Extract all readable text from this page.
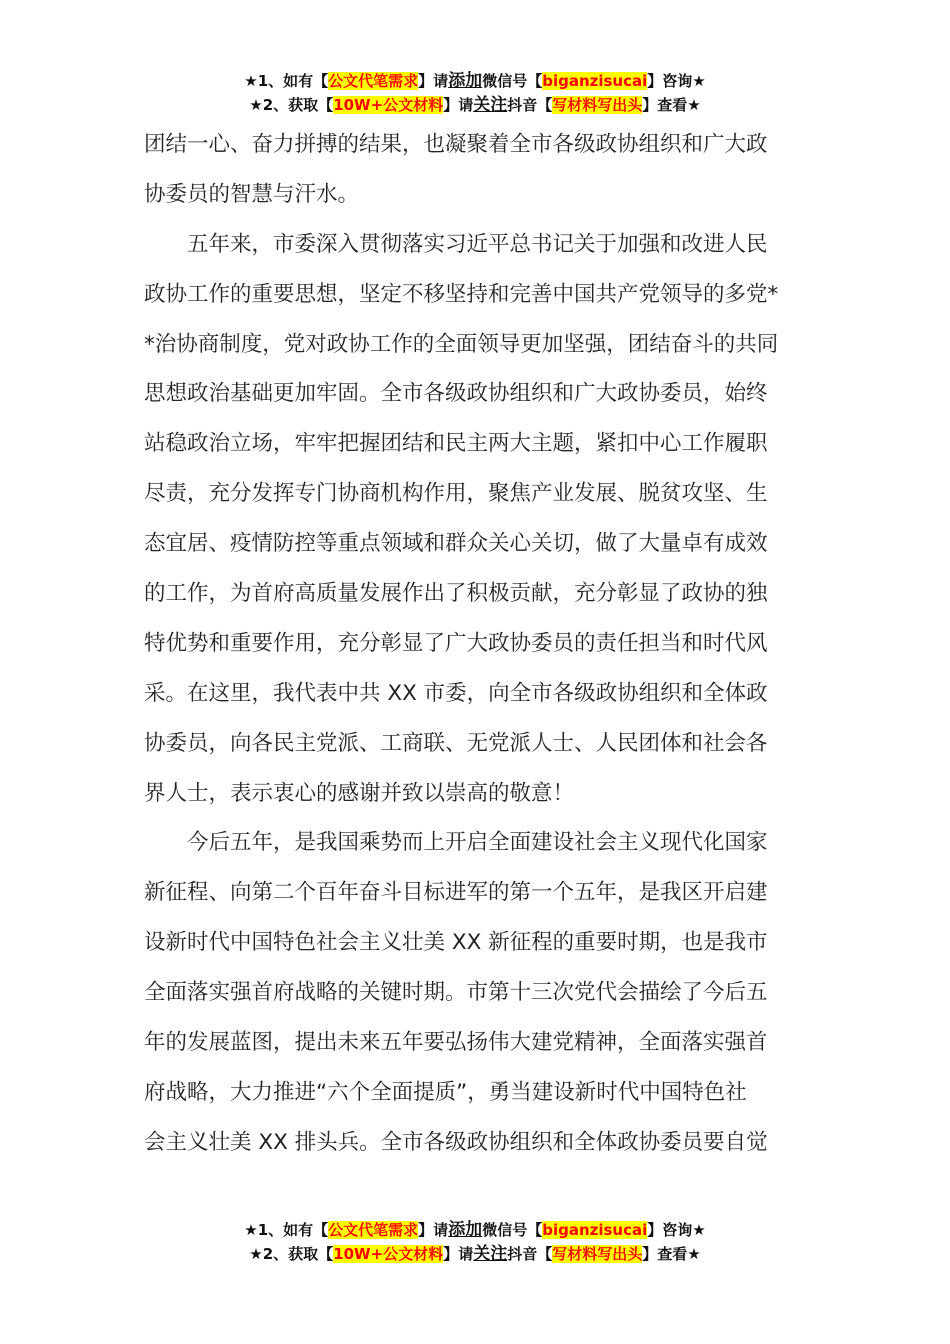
★1、如有【公文代笔需求】请添加微信号【biganzisucai】咨询★
★2、获取【10W+公文材料】请关注抖音【写材料写出头】查看★
团结一心、奋力拼搏的结果，也凝聚着全市各级政协组织和广大政
协委员的智慧与汗水。
　　五年来，市委深入贯彻落实习近平总书记关于加强和改进人民
政协工作的重要思想，坚定不移坚持和完善中国共产党领导的多党*
*治协商制度，党对政协工作的全面领导更加坚强，团结奋斗的共同
思想政治基础更加牢固。全市各级政协组织和广大政协委员，始终
站稳政治立场，牢牢把握团结和民主两大主题，紧扣中心工作履职
尽责，充分发挥专门协商机构作用，聚焦产业发展、脱贫攻坚、生
态宜居、疫情防控等重点领域和群众关心关切，做了大量卓有成效
的工作，为首府高质量发展作出了积极贡献，充分彰显了政协的独
特优势和重要作用，充分彰显了广大政协委员的责任担当和时代风
采。在这里，我代表中共 XX 市委，向全市各级政协组织和全体政
协委员，向各民主党派、工商联、无党派人士、人民团体和社会各
界人士，表示衷心的感谢并致以崇高的敬意！
　　今后五年，是我国乘势而上开启全面建设社会主义现代化国家
新征程、向第二个百年奋斗目标进军的第一个五年，是我区开启建
设新时代中国特色社会主义壮美 XX 新征程的重要时期，也是我市
全面落实强首府战略的关键时期。市第十三次党代会描绘了今后五
年的发展蓝图，提出未来五年要弘扬伟大建党精神，全面落实强首
府战略，大力推进“六个全面提质”，勇当建设新时代中国特色社
会主义壮美 XX 排头兵。全市各级政协组织和全体政协委员要自觉
★1、如有【公文代笔需求】请添加微信号【biganzisucai】咨询★
★2、获取【10W+公文材料】请关注抖音【写材料写出头】查看★
